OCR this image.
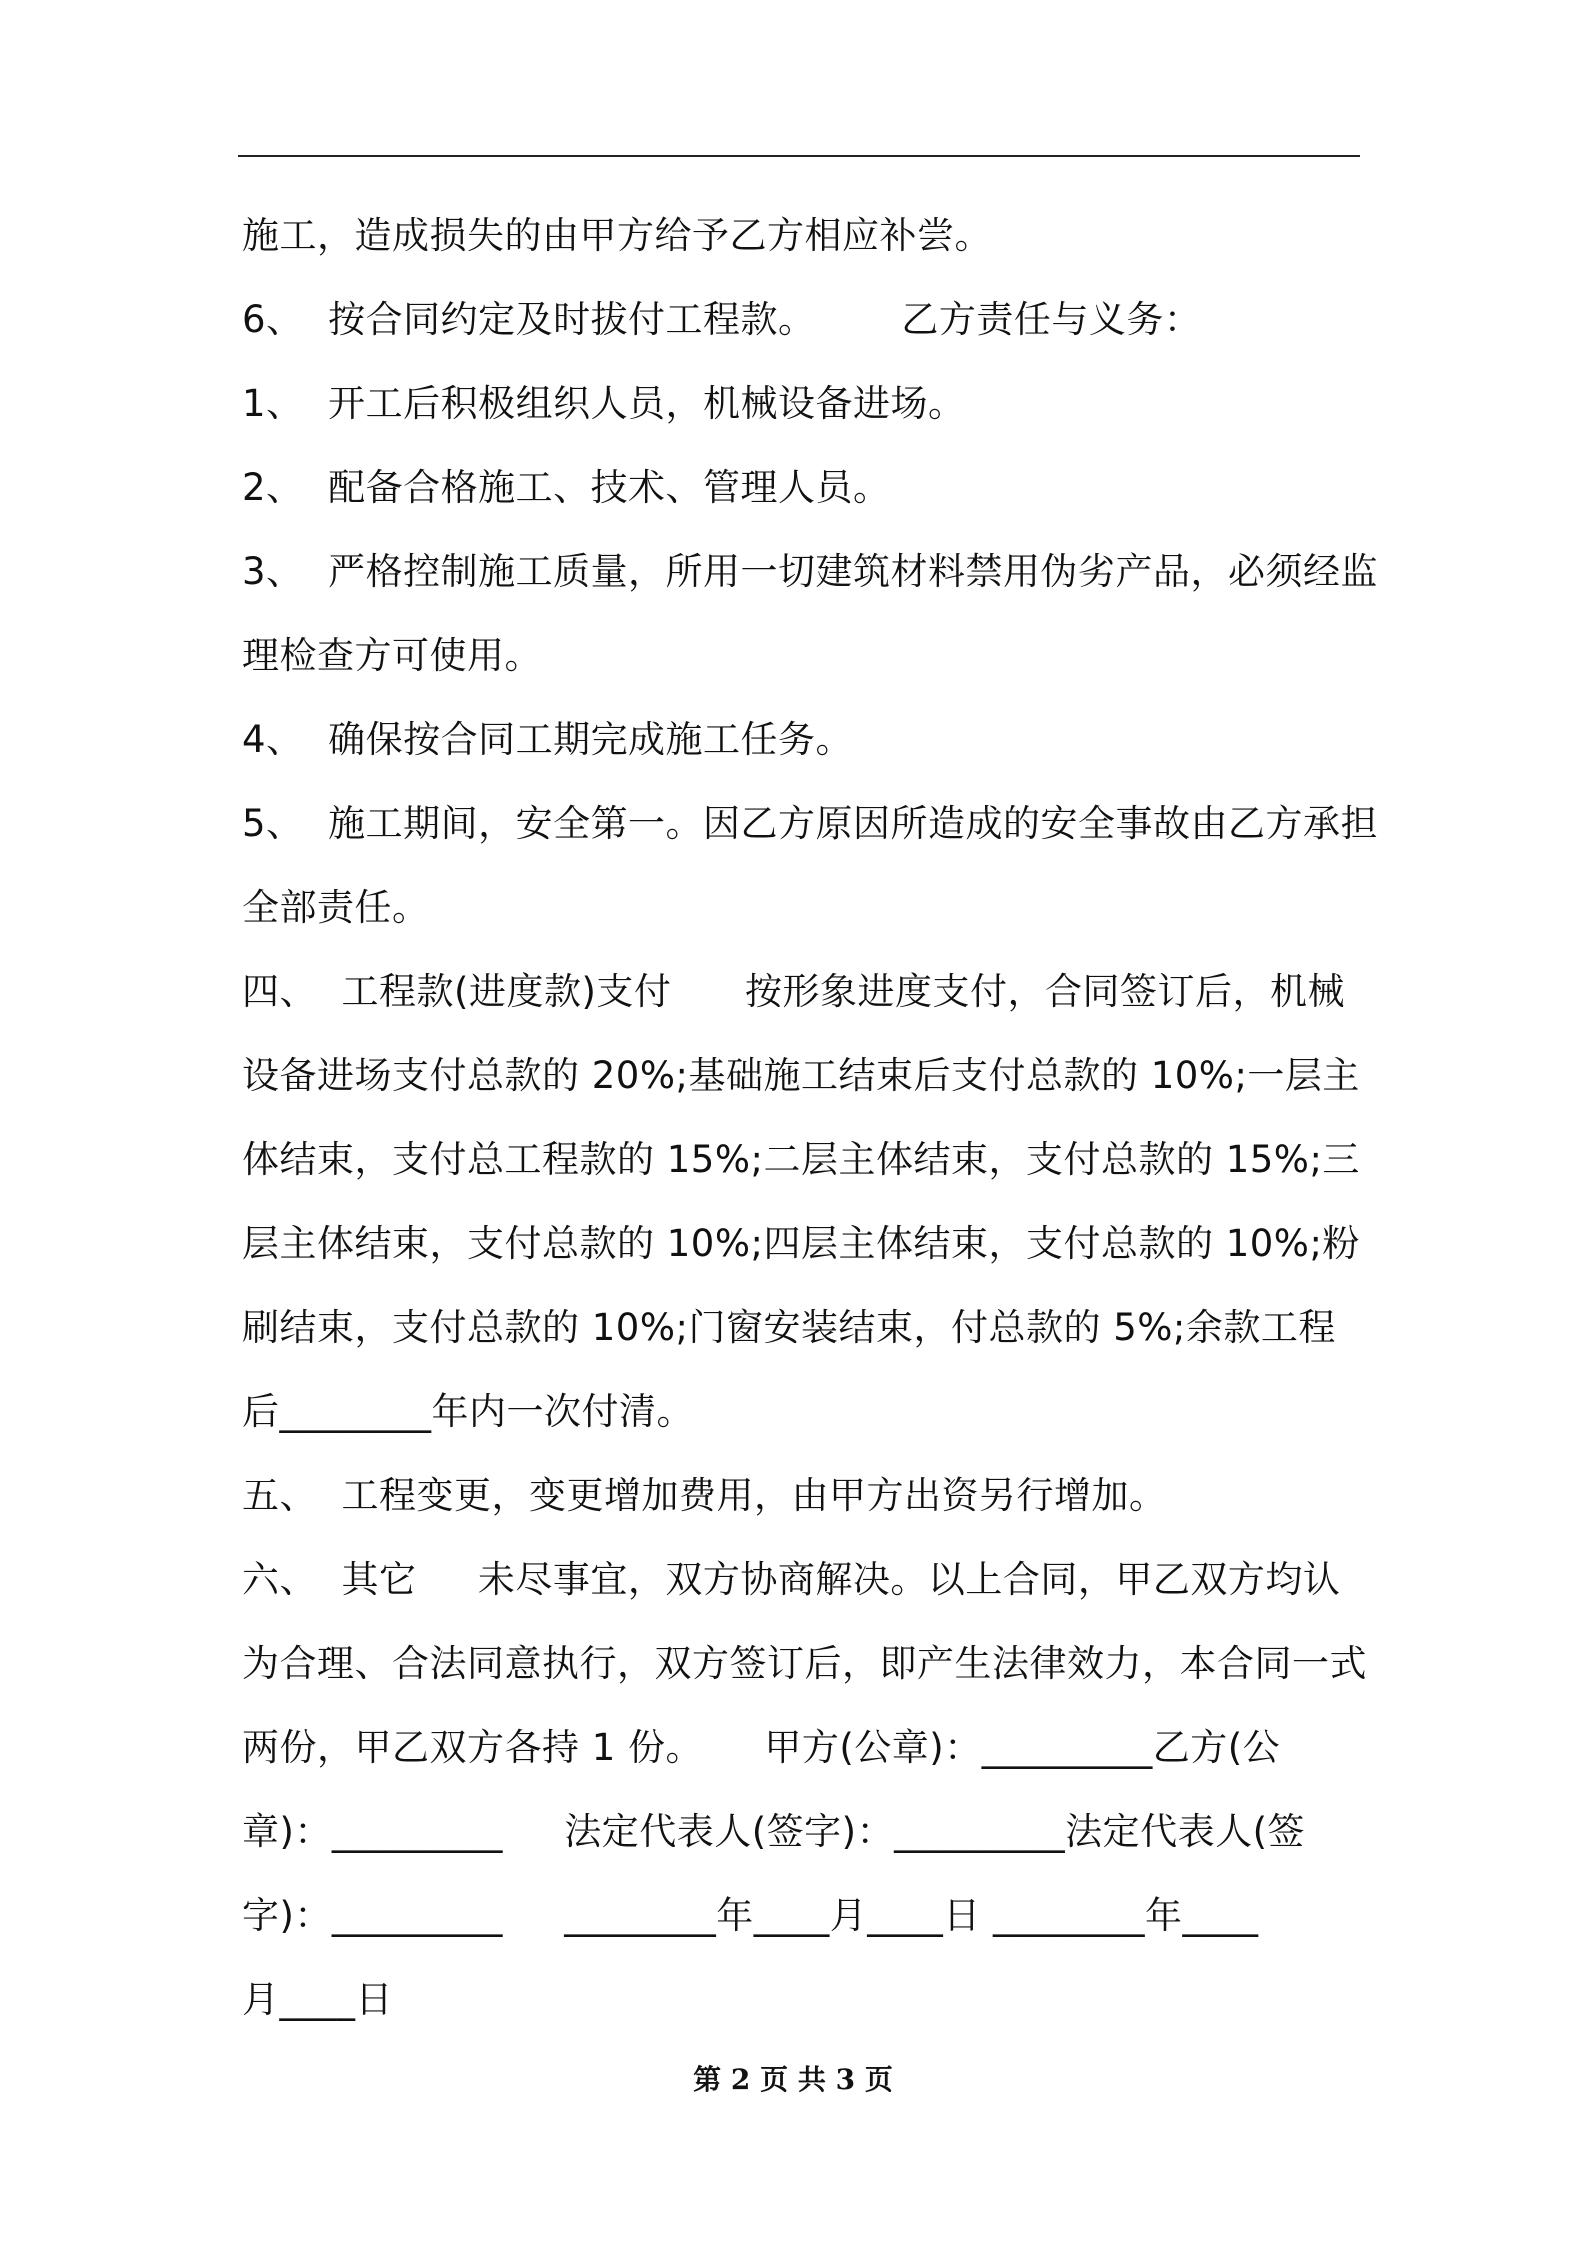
施工，造成损失的由甲方给予乙方相应补尝。
6、  按合同约定及时拔付工程款。       乙方责任与义务：
1、  开工后积极组织人员，机械设备进场。
2、  配备合格施工、技术、管理人员。
3、  严格控制施工质量，所用一切建筑材料禁用伪劣产品，必须经监
理检查方可使用。
4、  确保按合同工期完成施工任务。
5、  施工期间，安全第一。因乙方原因所造成的安全事故由乙方承担
全部责任。
四、  工程款(进度款)支付      按形象进度支付，合同签订后，机械
设备进场支付总款的 20%;基础施工结束后支付总款的 10%;一层主
体结束，支付总工程款的 15%;二层主体结束，支付总款的 15%;三
层主体结束，支付总款的 10%;四层主体结束，支付总款的 10%;粉
刷结束，支付总款的 10%;门窗安装结束，付总款的 5%;余款工程
后________年内一次付清。
五、  工程变更，变更增加费用，由甲方出资另行增加。
六、  其它     未尽事宜，双方协商解决。以上合同，甲乙双方均认
为合理、合法同意执行，双方签订后，即产生法律效力，本合同一式
两份，甲乙双方各持 1 份。     甲方(公章)：_________乙方(公
章)：_________     法定代表人(签字)：_________法定代表人(签
字)：_________     ________年____月____日 ________年____
月____日
第 2 页 共 3 页
